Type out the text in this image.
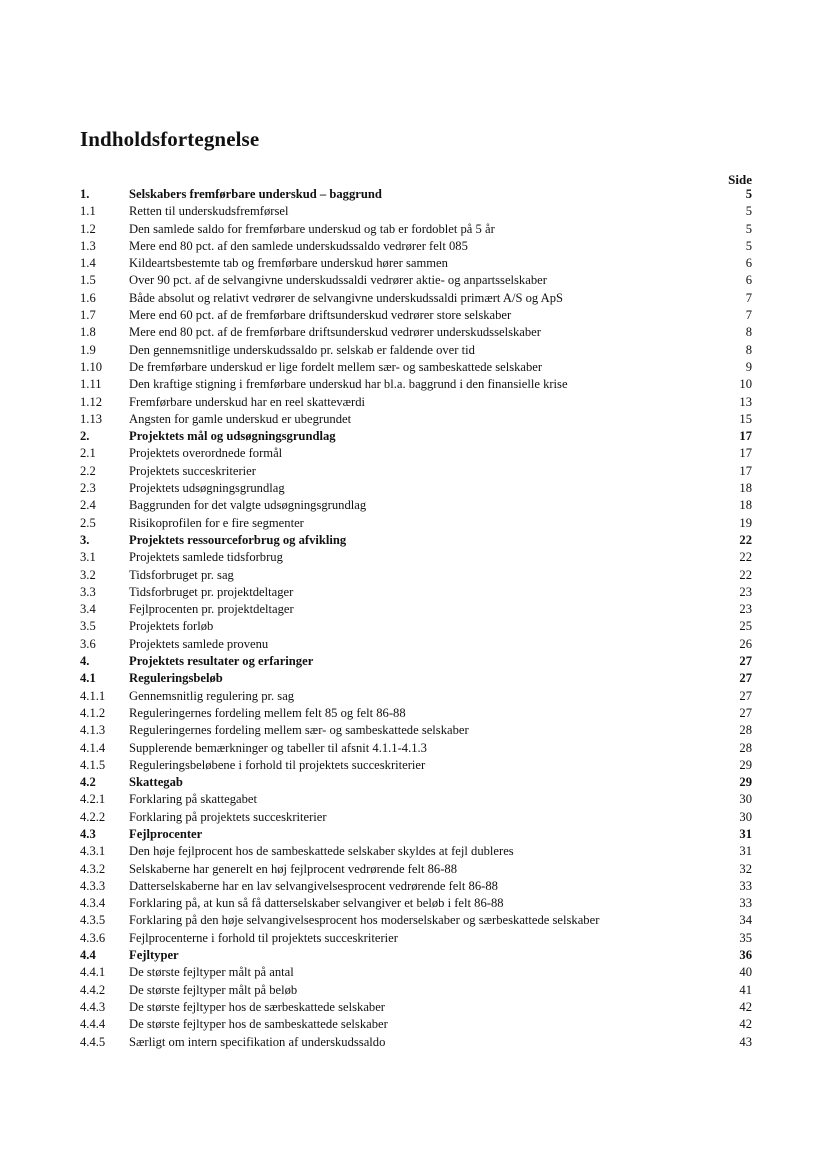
Indholdsfortegnelse
Side
1.	Selskabers fremførbare underskud – baggrund	5
1.1	Retten til underskudsfremførsel	5
1.2	Den samlede saldo for fremførbare underskud og tab er fordoblet på 5 år	5
1.3	Mere end 80 pct. af den samlede underskudssaldo vedrører felt 085	5
1.4	Kildeartsbestemte tab og fremførbare underskud hører sammen	6
1.5	Over 90 pct. af de selvangivne underskudssaldi vedrører aktie- og anpartsselskaber	6
1.6	Både absolut og relativt vedrører de selvangivne underskudssaldi primært A/S og ApS	7
1.7	Mere end 60 pct. af de fremførbare driftsunderskud vedrører store selskaber	7
1.8	Mere end 80 pct. af de fremførbare driftsunderskud vedrører underskudsselskaber	8
1.9	Den gennemsnitlige underskudssaldo pr. selskab er faldende over tid	8
1.10	De fremførbare underskud er lige fordelt mellem sær- og sambeskattede selskaber	9
1.11	Den kraftige stigning i fremførbare underskud har bl.a. baggrund i den finansielle krise	10
1.12	Fremførbare underskud har en reel skatteværdi	13
1.13	Angsten for gamle underskud er ubegrundet	15
2.	Projektets mål og udsøgningsgrundlag	17
2.1	Projektets overordnede formål	17
2.2	Projektets succeskriterier	17
2.3	Projektets udsøgningsgrundlag	18
2.4	Baggrunden for det valgte udsøgningsgrundlag	18
2.5	Risikoprofilen for e fire segmenter	19
3.	Projektets ressourceforbrug og afvikling	22
3.1	Projektets samlede tidsforbrug	22
3.2	Tidsforbruget pr. sag	22
3.3	Tidsforbruget pr. projektdeltager	23
3.4	Fejlprocenten pr. projektdeltager	23
3.5	Projektets forløb	25
3.6	Projektets samlede provenu	26
4.	Projektets resultater og erfaringer	27
4.1	Reguleringsbeløb	27
4.1.1	Gennemsnitlig regulering pr. sag	27
4.1.2	Reguleringernes fordeling mellem felt 85 og felt 86-88	27
4.1.3	Reguleringernes fordeling mellem sær- og sambeskattede selskaber	28
4.1.4	Supplerende bemærkninger og tabeller til afsnit 4.1.1-4.1.3	28
4.1.5	Reguleringsbeløbene i forhold til projektets succeskriterier	29
4.2	Skattegab	29
4.2.1	Forklaring på skattegabet	30
4.2.2	Forklaring på projektets succeskriterier	30
4.3	Fejlprocenter	31
4.3.1	Den høje fejlprocent hos de sambeskattede selskaber skyldes at fejl dubleres	31
4.3.2	Selskaberne har generelt en høj fejlprocent vedrørende felt 86-88	32
4.3.3	Datterselskaberne har en lav selvangivelsesprocent vedrørende felt 86-88	33
4.3.4	Forklaring på, at kun så få datterselskaber selvangiver et beløb i felt 86-88	33
4.3.5	Forklaring på den høje selvangivelsesprocent hos moderselskaber og særbeskattede selskaber	34
4.3.6	Fejlprocenterne i forhold til projektets succeskriterier	35
4.4	Fejltyper	36
4.4.1	De største fejltyper målt på antal	40
4.4.2	De største fejltyper målt på beløb	41
4.4.3	De største fejltyper hos de særbeskattede selskaber	42
4.4.4	De største fejltyper hos de sambeskattede selskaber	42
4.4.5	Særligt om intern specifikation af underskudssaldo	43
